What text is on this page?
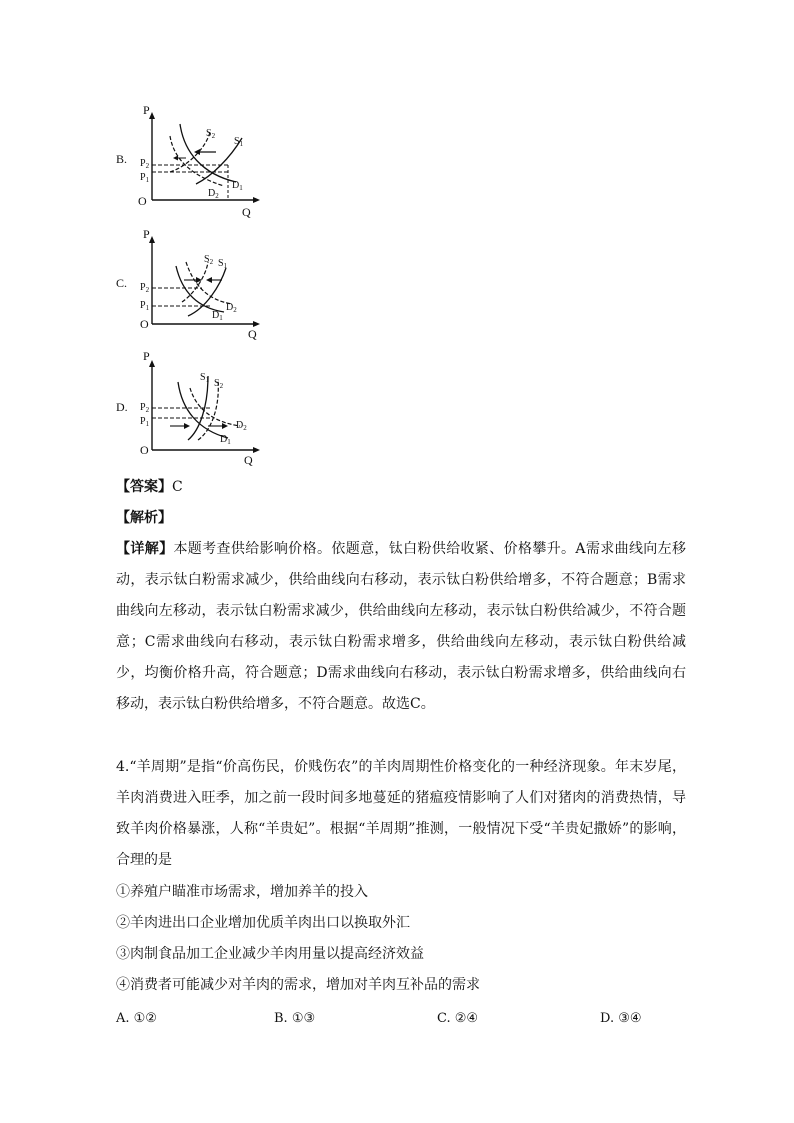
B.
P
Q
O
$P_2$
$P_1$
$S_2$ $S_1$
$D_1$
$D_2$
C.
P
Q
O
$P_2$
$P_1$
$S_2$ $S_1$
$D_2$
$D_1$
D.
P
Q
O
$P_2$
$P_1$
$S_1$ $S_2$
$D_2$
$D_1$
【答案】C
【解析】
【详解】本题考查供给影响价格。依题意，钛白粉供给收紧、价格攀升。A需求曲线向左移动，表示钛白粉需求减少，供给曲线向右移动，表示钛白粉供给增多，不符合题意；B需求曲线向左移动，表示钛白粉需求减少，供给曲线向左移动，表示钛白粉供给减少，不符合题意；C需求曲线向右移动，表示钛白粉需求增多，供给曲线向左移动，表示钛白粉供给减少，均衡价格升高，符合题意；D需求曲线向右移动，表示钛白粉需求增多，供给曲线向右移动，表示钛白粉供给增多，不符合题意。故选C。
4.“羊周期”是指“价高伤民，价贱伤农”的羊肉周期性价格变化的一种经济现象。年末岁尾，羊肉消费进入旺季，加之前一段时间多地蔓延的猪瘟疫情影响了人们对猪肉的消费热情，导致羊肉价格暴涨，人称“羊贵妃”。根据“羊周期”推测，一般情况下受“羊贵妃撒娇”的影响，合理的是
①养殖户瞄准市场需求，增加养羊的投入
②羊肉进出口企业增加优质羊肉出口以换取外汇
③肉制食品加工企业减少羊肉用量以提高经济效益
④消费者可能减少对羊肉的需求，增加对羊肉互补品的需求
A. ①②	B. ①③	C. ②④	D. ③④
